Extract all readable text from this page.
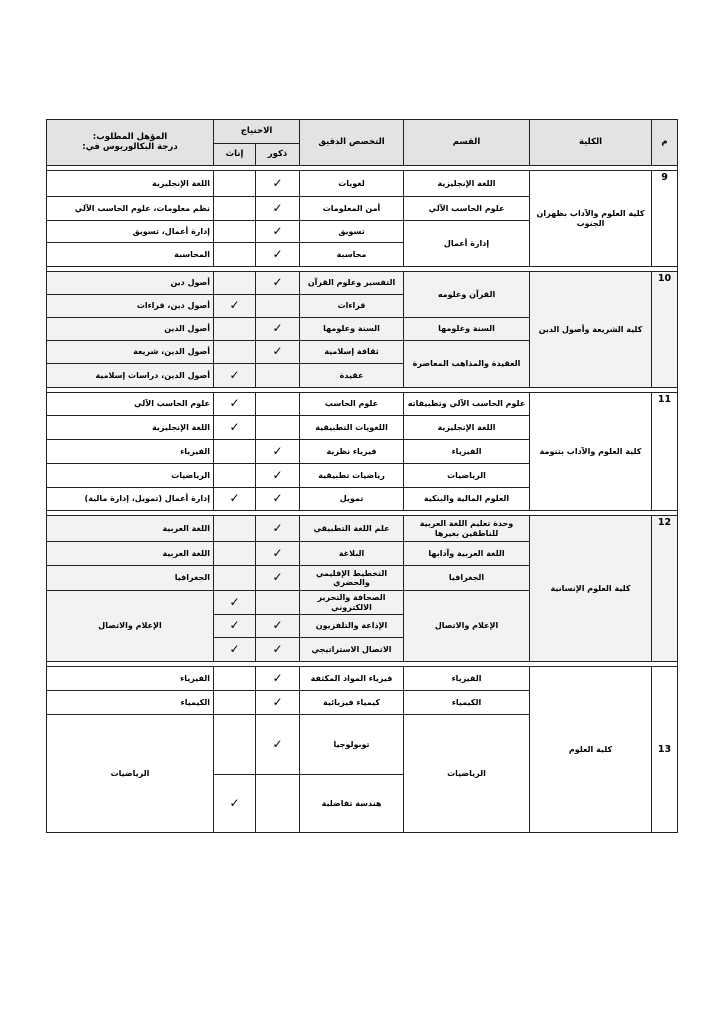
م	الكلية	القسم	التخصص الدقيق	الاحتياج		المؤهل المطلوب:
درجة البكالوريوس في:
				ذكور	إناث	

9	كلية العلوم والآداب بظهران الجنوب	اللغة الإنجليزية	لغويات	✓		اللغة الإنجليزية
		علوم الحاسب الآلي	أمن المعلومات	✓		نظم معلومات، علوم الحاسب الآلي
		إدارة أعمال	تسويق	✓		إدارة أعمال، تسويق
			محاسبة	✓		المحاسبة

10	كلية الشريعة وأصول الدين	القرآن وعلومه	التفسير وعلوم القرآن	✓		أصول دين
			قراءات		✓	أصول دين، قراءات
		السنة وعلومها	السنة وعلومها	✓		أصول الدين
		العقيدة والمذاهب المعاصرة	ثقافة إسلامية	✓		أصول الدين، شريعة
			عقيدة		✓	أصول الدين، دراسات إسلامية

11	كلية العلوم والآداب بتنومة	علوم الحاسب الآلي وتطبيقاته	علوم الحاسب		✓	علوم الحاسب الآلي
		اللغة الإنجليزية	اللغويات التطبيقية		✓	اللغة الإنجليزية
		الفيزياء	فيزياء نظرية	✓		الفيزياء
		الرياضيات	رياضيات تطبيقية	✓		الرياضيات
		العلوم المالية والبنكية	تمويل	✓	✓	إدارة أعمال (تمويل، إدارة مالية)

12	كلية العلوم الإنسانية	وحدة تعليم اللغة العربية للناطقين بغيرها	علم اللغة التطبيقي	✓		اللغة العربية
		اللغة العربية وآدابها	البلاغة	✓		اللغة العربية
		الجغرافيا	التخطيط الإقليمي والحضري	✓		الجغرافيا
		الإعلام والاتصال	الصحافة والتحرير الالكتروني		✓	الإعلام والاتصال
			الإذاعة والتلفزيون	✓	✓	
			الاتصال الاستراتيجي	✓	✓	

13	كلية العلوم	الفيزياء	فيزياء المواد المكثفة	✓		الفيزياء
		الكيمياء	كيمياء فيزيائية	✓		الكيمياء
		الرياضيات	توبولوجيا	✓		الرياضيات
			هندسة تفاضلية		✓	
